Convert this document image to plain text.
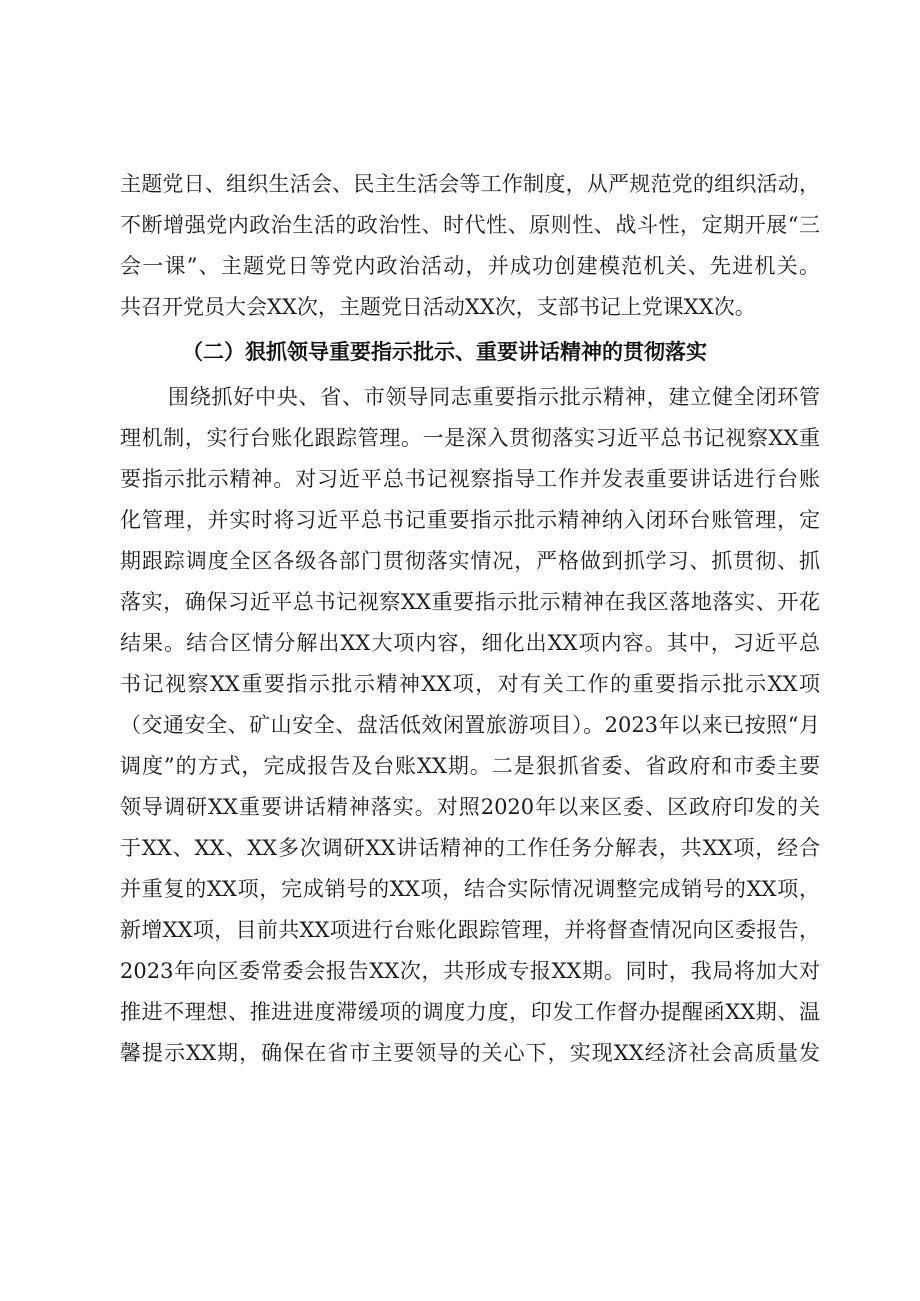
主题党日、组织生活会、民主生活会等工作制度，从严规范党的组织活动，
不断增强党内政治生活的政治性、时代性、原则性、战斗性，定期开展“三
会一课”、主题党日等党内政治活动，并成功创建模范机关、先进机关。
共召开党员大会XX次，主题党日活动XX次，支部书记上党课XX次。
（二）狠抓领导重要指示批示、重要讲话精神的贯彻落实
围绕抓好中央、省、市领导同志重要指示批示精神，建立健全闭环管
理机制，实行台账化跟踪管理。一是深入贯彻落实习近平总书记视察XX重
要指示批示精神。对习近平总书记视察指导工作并发表重要讲话进行台账
化管理，并实时将习近平总书记重要指示批示精神纳入闭环台账管理，定
期跟踪调度全区各级各部门贯彻落实情况，严格做到抓学习、抓贯彻、抓
落实，确保习近平总书记视察XX重要指示批示精神在我区落地落实、开花
结果。结合区情分解出XX大项内容，细化出XX项内容。其中，习近平总
书记视察XX重要指示批示精神XX项，对有关工作的重要指示批示XX项
（交通安全、矿山安全、盘活低效闲置旅游项目）。2023年以来已按照“月
调度”的方式，完成报告及台账XX期。二是狠抓省委、省政府和市委主要
领导调研XX重要讲话精神落实。对照2020年以来区委、区政府印发的关
于XX、XX、XX多次调研XX讲话精神的工作任务分解表，共XX项，经合
并重复的XX项，完成销号的XX项，结合实际情况调整完成销号的XX项，
新增XX项，目前共XX项进行台账化跟踪管理，并将督查情况向区委报告，
2023年向区委常委会报告XX次，共形成专报XX期。同时，我局将加大对
推进不理想、推进进度滞缓项的调度力度，印发工作督办提醒函XX期、温
馨提示XX期，确保在省市主要领导的关心下，实现XX经济社会高质量发
